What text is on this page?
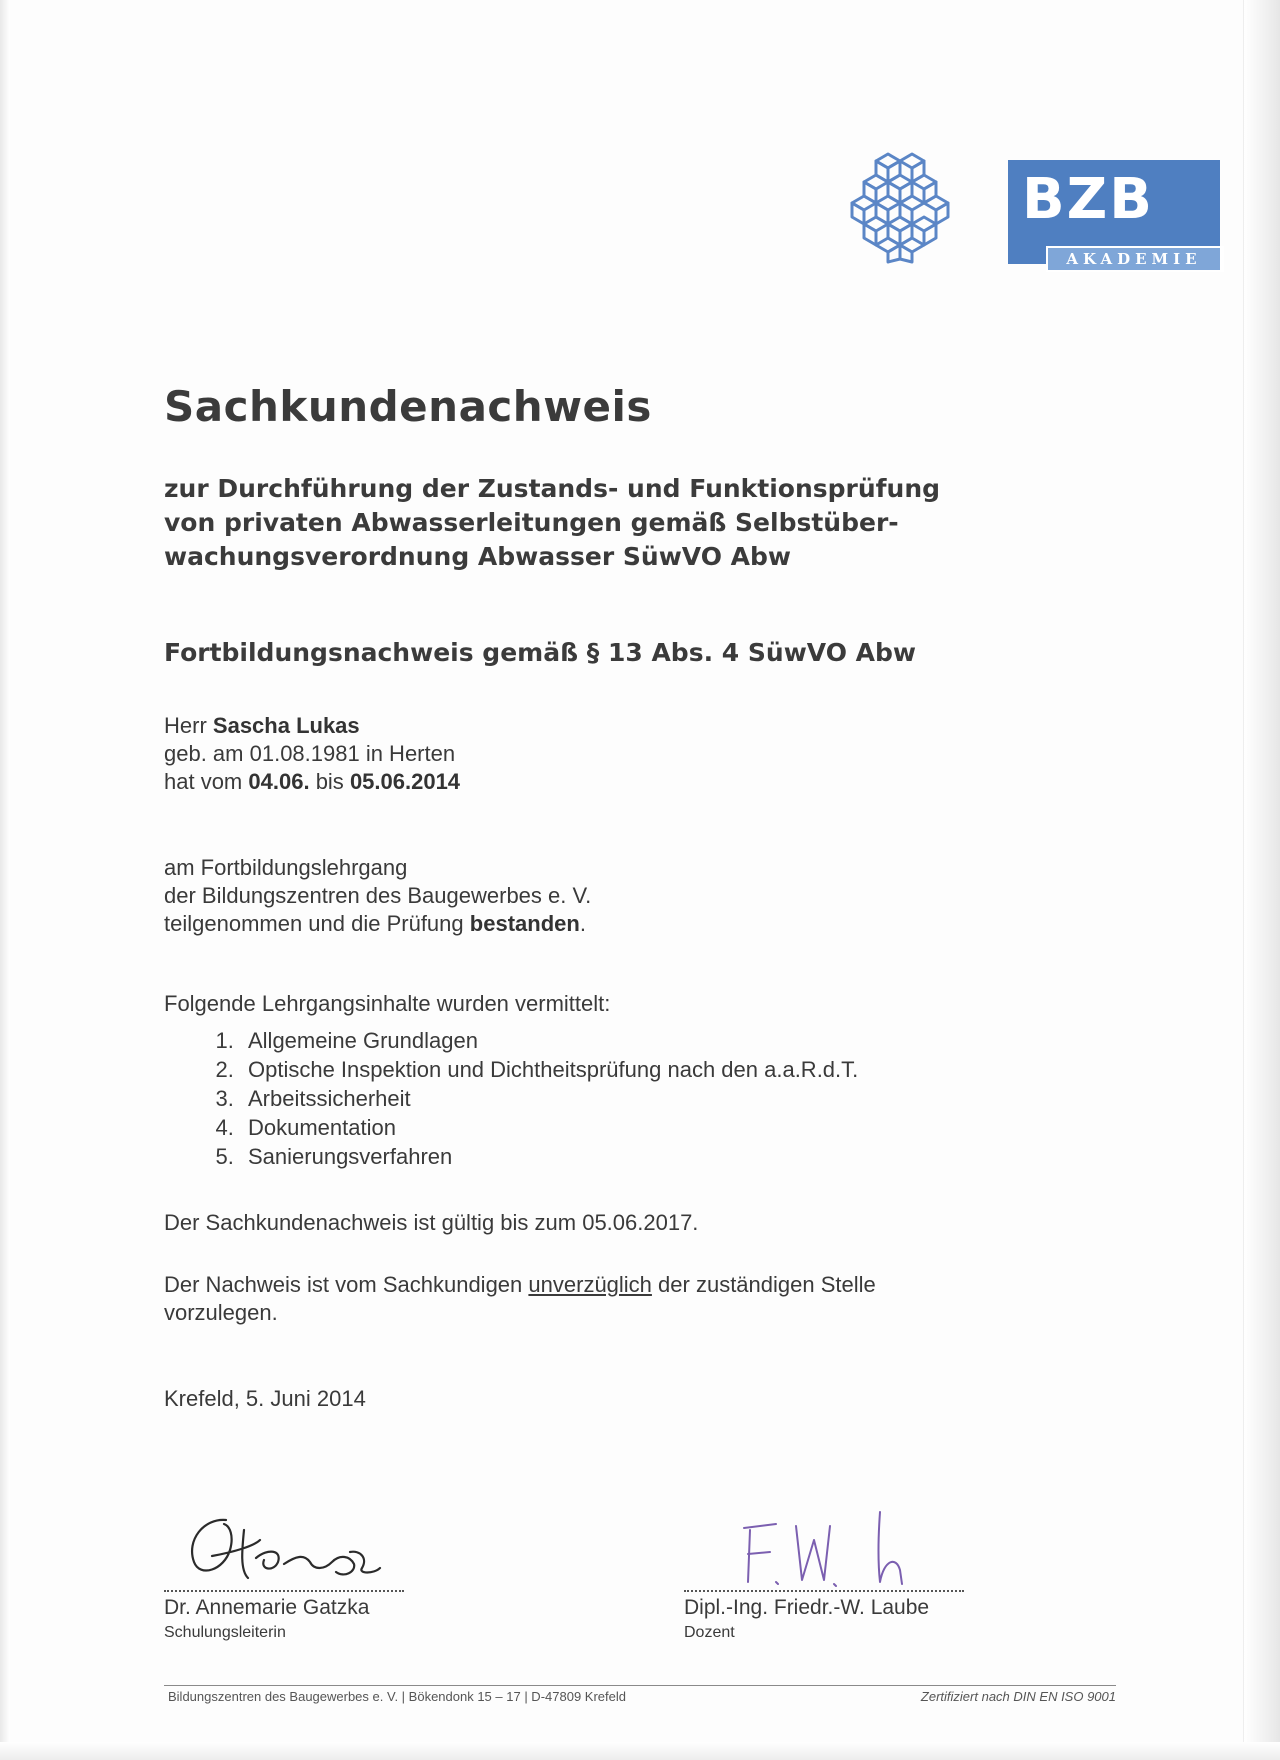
BZB
AKADEMIE
Sachkundenachweis
zur Durchführung der Zustands- und Funktionsprüfung
von privaten Abwasserleitungen gemäß Selbstüber-
wachungsverordnung Abwasser SüwVO Abw
Fortbildungsnachweis gemäß § 13 Abs. 4 SüwVO Abw
Herr Sascha Lukas
geb. am 01.08.1981 in Herten
hat vom 04.06. bis 05.06.2014
am Fortbildungslehrgang
der Bildungszentren des Baugewerbes e. V.
teilgenommen und die Prüfung bestanden.
Folgende Lehrgangsinhalte wurden vermittelt:
1. Allgemeine Grundlagen
2. Optische Inspektion und Dichtheitsprüfung nach den a.a.R.d.T.
3. Arbeitssicherheit
4. Dokumentation
5. Sanierungsverfahren
Der Sachkundenachweis ist gültig bis zum 05.06.2017.
Der Nachweis ist vom Sachkundigen unverzüglich der zuständigen Stelle
vorzulegen.
Krefeld, 5. Juni 2014
Dr. Annemarie Gatzka
Schulungsleiterin
Dipl.-Ing. Friedr.-W. Laube
Dozent
Bildungszentren des Baugewerbes e. V. | Bökendonk 15 – 17 | D-47809 Krefeld	Zertifiziert nach DIN EN ISO 9001
